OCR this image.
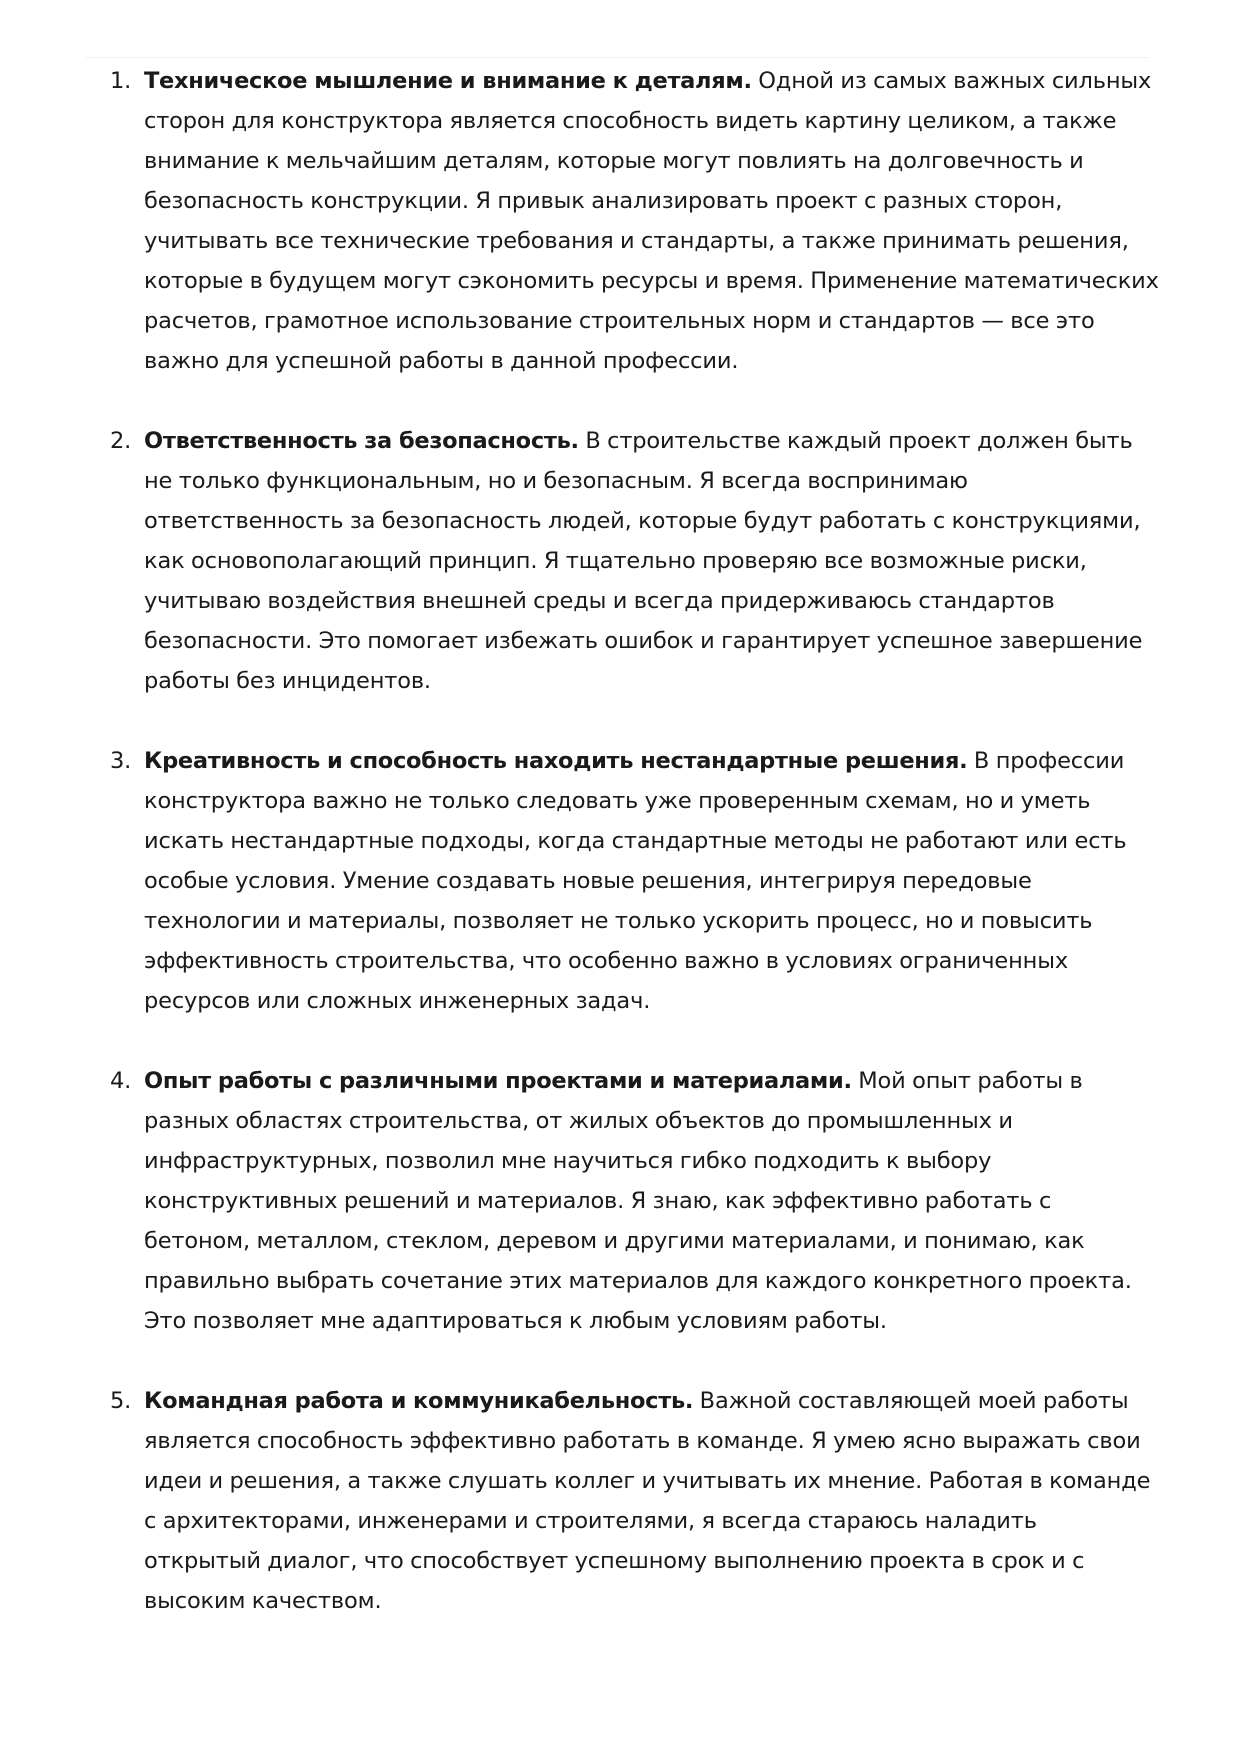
1. Техническое мышление и внимание к деталям. Одной из самых важных сильных сторон для конструктора является способность видеть картину целиком, а также внимание к мельчайшим деталям, которые могут повлиять на долговечность и безопасность конструкции. Я привык анализировать проект с разных сторон, учитывать все технические требования и стандарты, а также принимать решения, которые в будущем могут сэкономить ресурсы и время. Применение математических расчетов, грамотное использование строительных норм и стандартов — все это важно для успешной работы в данной профессии.
2. Ответственность за безопасность. В строительстве каждый проект должен быть не только функциональным, но и безопасным. Я всегда воспринимаю ответственность за безопасность людей, которые будут работать с конструкциями, как основополагающий принцип. Я тщательно проверяю все возможные риски, учитываю воздействия внешней среды и всегда придерживаюсь стандартов безопасности. Это помогает избежать ошибок и гарантирует успешное завершение работы без инцидентов.
3. Креативность и способность находить нестандартные решения. В профессии конструктора важно не только следовать уже проверенным схемам, но и уметь искать нестандартные подходы, когда стандартные методы не работают или есть особые условия. Умение создавать новые решения, интегрируя передовые технологии и материалы, позволяет не только ускорить процесс, но и повысить эффективность строительства, что особенно важно в условиях ограниченных ресурсов или сложных инженерных задач.
4. Опыт работы с различными проектами и материалами. Мой опыт работы в разных областях строительства, от жилых объектов до промышленных и инфраструктурных, позволил мне научиться гибко подходить к выбору конструктивных решений и материалов. Я знаю, как эффективно работать с бетоном, металлом, стеклом, деревом и другими материалами, и понимаю, как правильно выбрать сочетание этих материалов для каждого конкретного проекта. Это позволяет мне адаптироваться к любым условиям работы.
5. Командная работа и коммуникабельность. Важной составляющей моей работы является способность эффективно работать в команде. Я умею ясно выражать свои идеи и решения, а также слушать коллег и учитывать их мнение. Работая в команде с архитекторами, инженерами и строителями, я всегда стараюсь наладить открытый диалог, что способствует успешному выполнению проекта в срок и с высоким качеством.
